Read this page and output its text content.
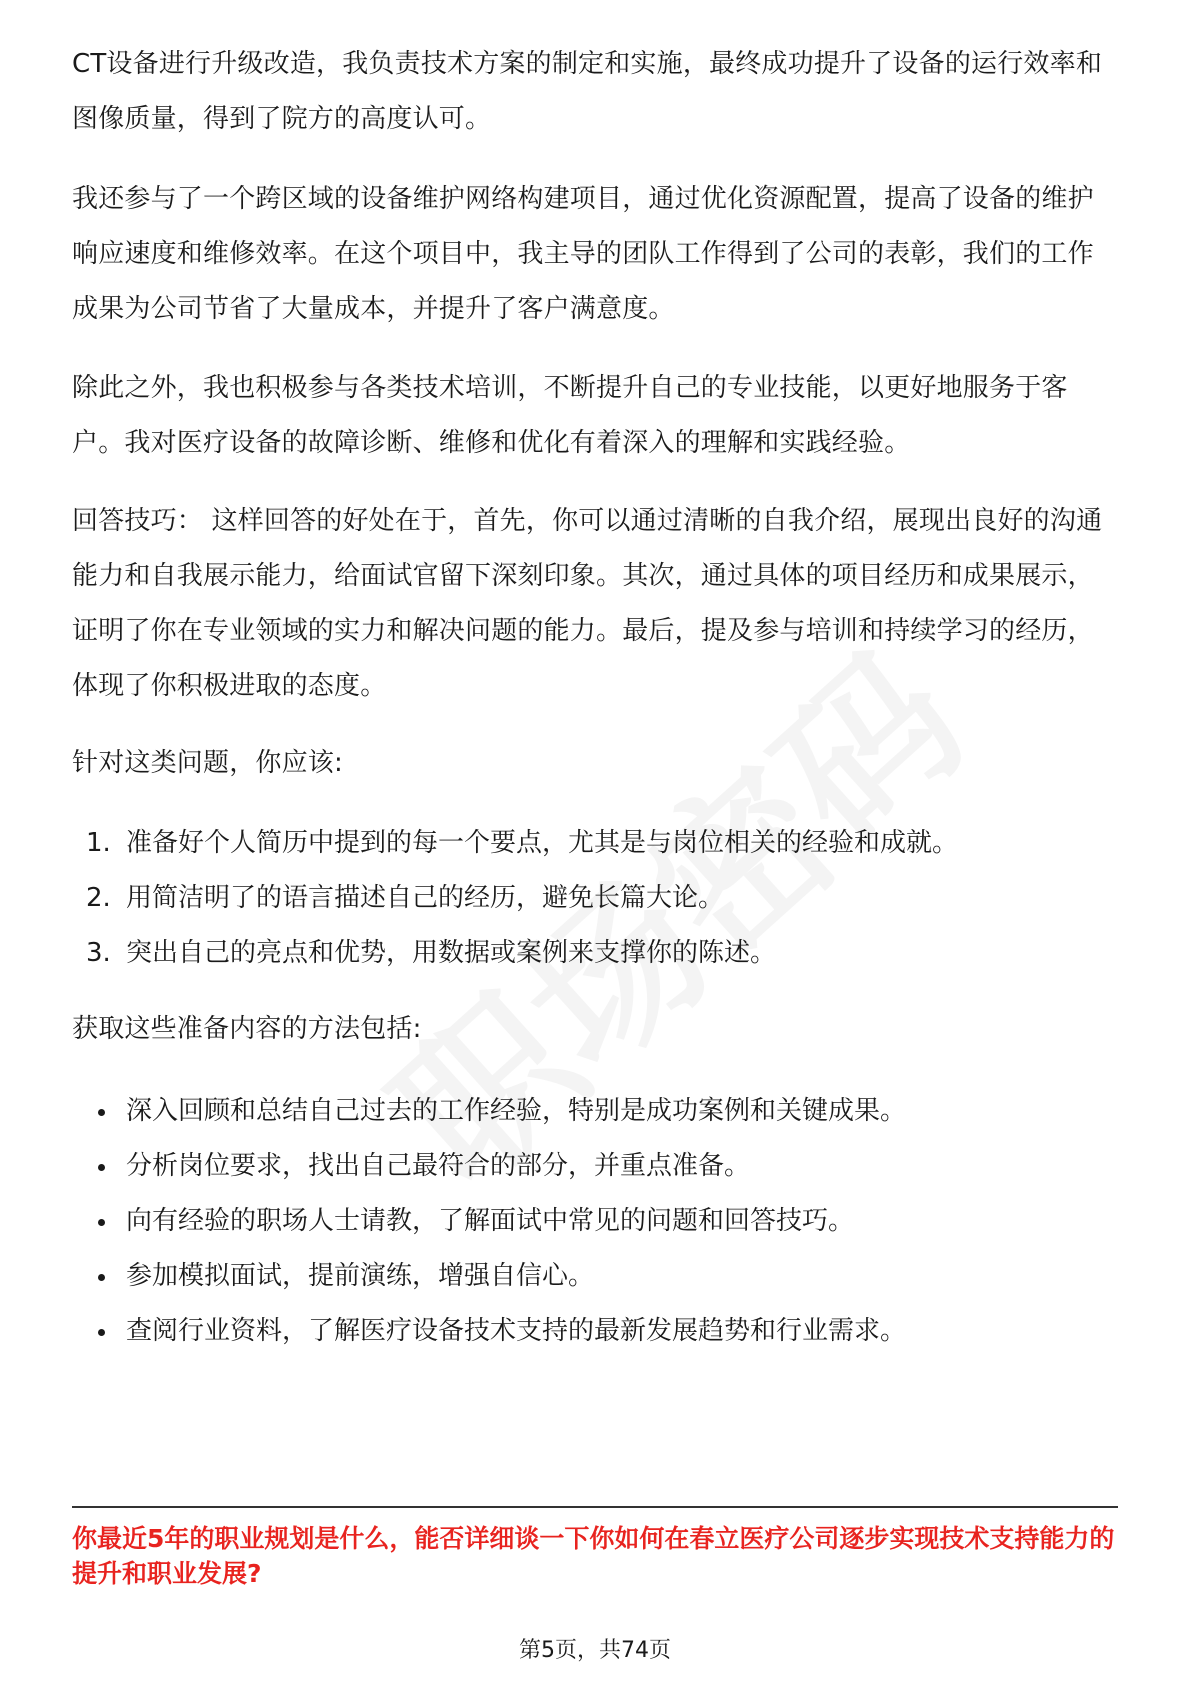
CT设备进行升级改造，我负责技术方案的制定和实施，最终成功提升了设备的运行效率和图像质量，得到了院方的高度认可。

我还参与了一个跨区域的设备维护网络构建项目，通过优化资源配置，提高了设备的维护响应速度和维修效率。在这个项目中，我主导的团队工作得到了公司的表彰，我们的工作成果为公司节省了大量成本，并提升了客户满意度。

除此之外，我也积极参与各类技术培训，不断提升自己的专业技能，以更好地服务于客户。我对医疗设备的故障诊断、维修和优化有着深入的理解和实践经验。

回答技巧： 这样回答的好处在于，首先，你可以通过清晰的自我介绍，展现出良好的沟通能力和自我展示能力，给面试官留下深刻印象。其次，通过具体的项目经历和成果展示，证明了你在专业领域的实力和解决问题的能力。最后，提及参与培训和持续学习的经历，体现了你积极进取的态度。

针对这类问题，你应该:

1. 准备好个人简历中提到的每一个要点，尤其是与岗位相关的经验和成就。
2. 用简洁明了的语言描述自己的经历，避免长篇大论。
3. 突出自己的亮点和优势，用数据或案例来支撑你的陈述。

获取这些准备内容的方法包括:

深入回顾和总结自己过去的工作经验，特别是成功案例和关键成果。
分析岗位要求，找出自己最符合的部分，并重点准备。
向有经验的职场人士请教，了解面试中常见的问题和回答技巧。
参加模拟面试，提前演练，增强自信心。
查阅行业资料，了解医疗设备技术支持的最新发展趋势和行业需求。

你最近5年的职业规划是什么，能否详细谈一下你如何在春立医疗公司逐步实现技术支持能力的提升和职业发展?

第5页，共74页
